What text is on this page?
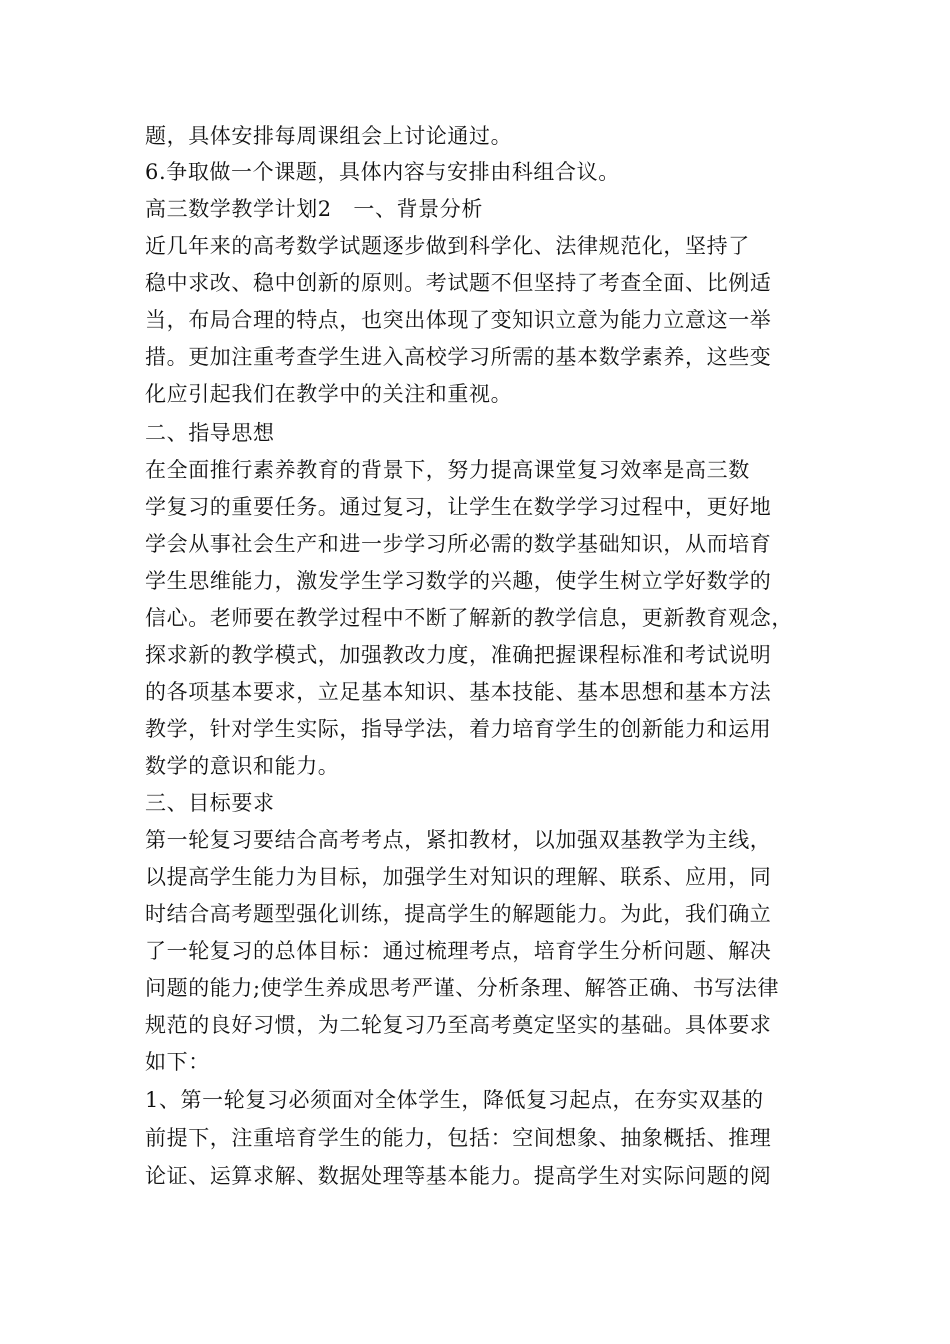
题，具体安排每周课组会上讨论通过。
6.争取做一个课题，具体内容与安排由科组合议。
高三数学教学计划2　一、背景分析
近几年来的高考数学试题逐步做到科学化、法律规范化，坚持了
稳中求改、稳中创新的原则。考试题不但坚持了考查全面、比例适
当，布局合理的特点，也突出体现了变知识立意为能力立意这一举
措。更加注重考查学生进入高校学习所需的基本数学素养，这些变
化应引起我们在教学中的关注和重视。
二、指导思想
在全面推行素养教育的背景下，努力提高课堂复习效率是高三数
学复习的重要任务。通过复习，让学生在数学学习过程中，更好地
学会从事社会生产和进一步学习所必需的数学基础知识，从而培育
学生思维能力，激发学生学习数学的兴趣，使学生树立学好数学的
信心。老师要在教学过程中不断了解新的教学信息，更新教育观念，
探求新的教学模式，加强教改力度，准确把握课程标准和考试说明
的各项基本要求，立足基本知识、基本技能、基本思想和基本方法
教学，针对学生实际，指导学法，着力培育学生的创新能力和运用
数学的意识和能力。
三、目标要求
第一轮复习要结合高考考点，紧扣教材，以加强双基教学为主线，
以提高学生能力为目标，加强学生对知识的理解、联系、应用，同
时结合高考题型强化训练，提高学生的解题能力。为此，我们确立
了一轮复习的总体目标：通过梳理考点，培育学生分析问题、解决
问题的能力;使学生养成思考严谨、分析条理、解答正确、书写法律
规范的良好习惯，为二轮复习乃至高考奠定坚实的基础。具体要求
如下：
1、第一轮复习必须面对全体学生，降低复习起点，在夯实双基的
前提下，注重培育学生的能力，包括：空间想象、抽象概括、推理
论证、运算求解、数据处理等基本能力。提高学生对实际问题的阅
